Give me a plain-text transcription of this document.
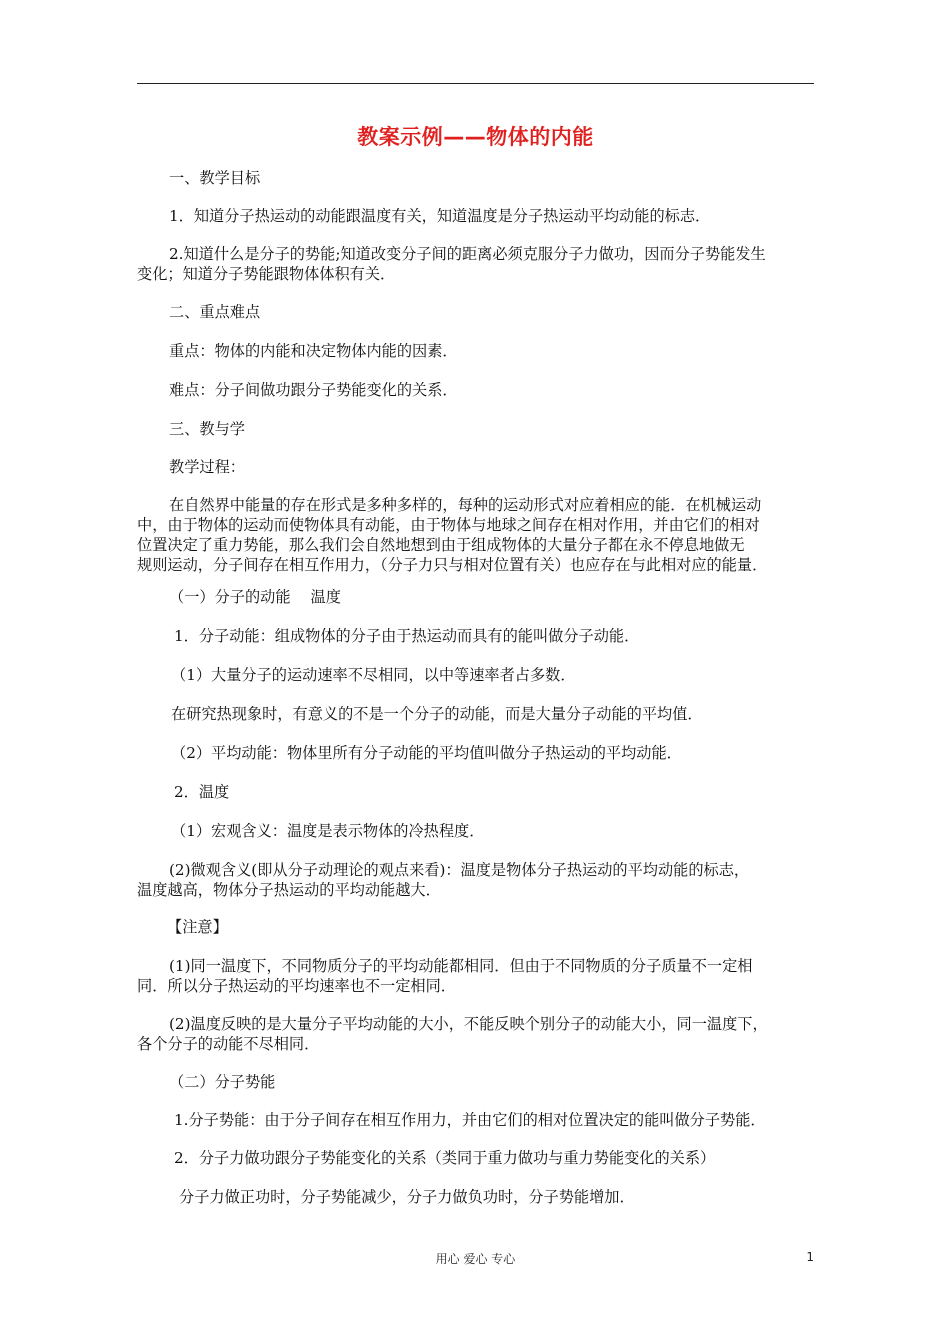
教案示例——物体的内能
一、教学目标
1．知道分子热运动的动能跟温度有关，知道温度是分子热运动平均动能的标志．
2.知道什么是分子的势能;知道改变分子间的距离必须克服分子力做功，因而分子势能发生
变化；知道分子势能跟物体体积有关．
二、重点难点
重点：物体的内能和决定物体内能的因素．
难点：分子间做功跟分子势能变化的关系．
三、教与学
教学过程：
在自然界中能量的存在形式是多种多样的，每种的运动形式对应着相应的能．在机械运动
中，由于物体的运动而使物体具有动能，由于物体与地球之间存在相对作用，并由它们的相对
位置决定了重力势能，那么我们会自然地想到由于组成物体的大量分子都在永不停息地做无
规则运动，分子间存在相互作用力，（分子力只与相对位置有关）也应存在与此相对应的能量．
（一）分子的动能　 温度
1．分子动能：组成物体的分子由于热运动而具有的能叫做分子动能．
（1）大量分子的运动速率不尽相同，以中等速率者占多数．
在研究热现象时，有意义的不是一个分子的动能，而是大量分子动能的平均值．
（2）平均动能：物体里所有分子动能的平均值叫做分子热运动的平均动能．
2．温度
（1）宏观含义：温度是表示物体的冷热程度．
(2)微观含义(即从分子动理论的观点来看)：温度是物体分子热运动的平均动能的标志，
温度越高，物体分子热运动的平均动能越大．
【注意】
(1)同一温度下，不同物质分子的平均动能都相同．但由于不同物质的分子质量不一定相
同．所以分子热运动的平均速率也不一定相同．
(2)温度反映的是大量分子平均动能的大小，不能反映个别分子的动能大小，同一温度下，
各个分子的动能不尽相同．
（二）分子势能
1.分子势能：由于分子间存在相互作用力，并由它们的相对位置决定的能叫做分子势能．
2．分子力做功跟分子势能变化的关系（类同于重力做功与重力势能变化的关系）
分子力做正功时，分子势能减少，分子力做负功时，分子势能增加．
用心 爱心 专心	1
